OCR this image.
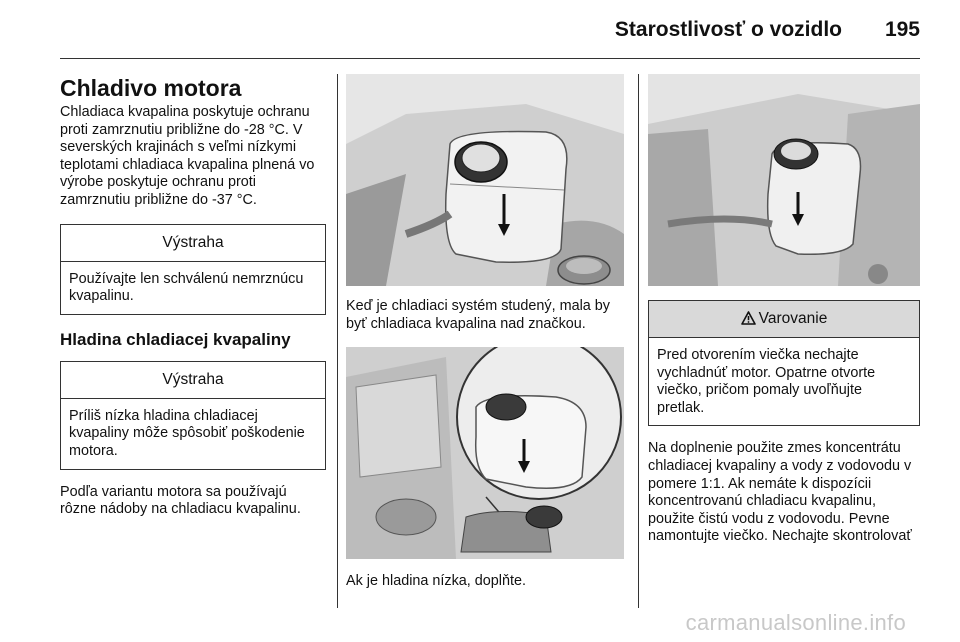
Starostlivosť o vozidlo 195
Chladivo motora

Chladiaca kvapalina poskytuje ochranu proti zamrznutiu približne do -28 °C. V severských krajinách s veľmi nízkymi teplotami chladiaca kvapalina plnená vo výrobe poskytuje ochranu proti zamrznutiu približne do -37 °C.

Výstraha
Používajte len schválenú nemrznúcu kvapalinu.
Hladina chladiacej kvapaliny
Výstraha
Príliš nízka hladina chladiacej kvapaliny môže spôsobiť poškodenie motora.

Podľa variantu motora sa používajú rôzne nádoby na chladiacu kvapalinu.

Keď je chladiaci systém studený, mala by byť chladiaca kvapalina nad značkou.

Ak je hladina nízka, doplňte.

Varovanie
Pred otvorením viečka nechajte vychladnúť motor. Opatrne otvorte viečko, pričom pomaly uvoľňujte pretlak.

Na doplnenie použite zmes koncentrátu chladiacej kvapaliny a vody z vodovodu v pomere 1:1. Ak nemáte k dispozícii koncentrovanú chladiacu kvapalinu, použite čistú vodu z vodovodu. Pevne namontujte viečko. Nechajte skontrolovať

carmanualsonline.info
